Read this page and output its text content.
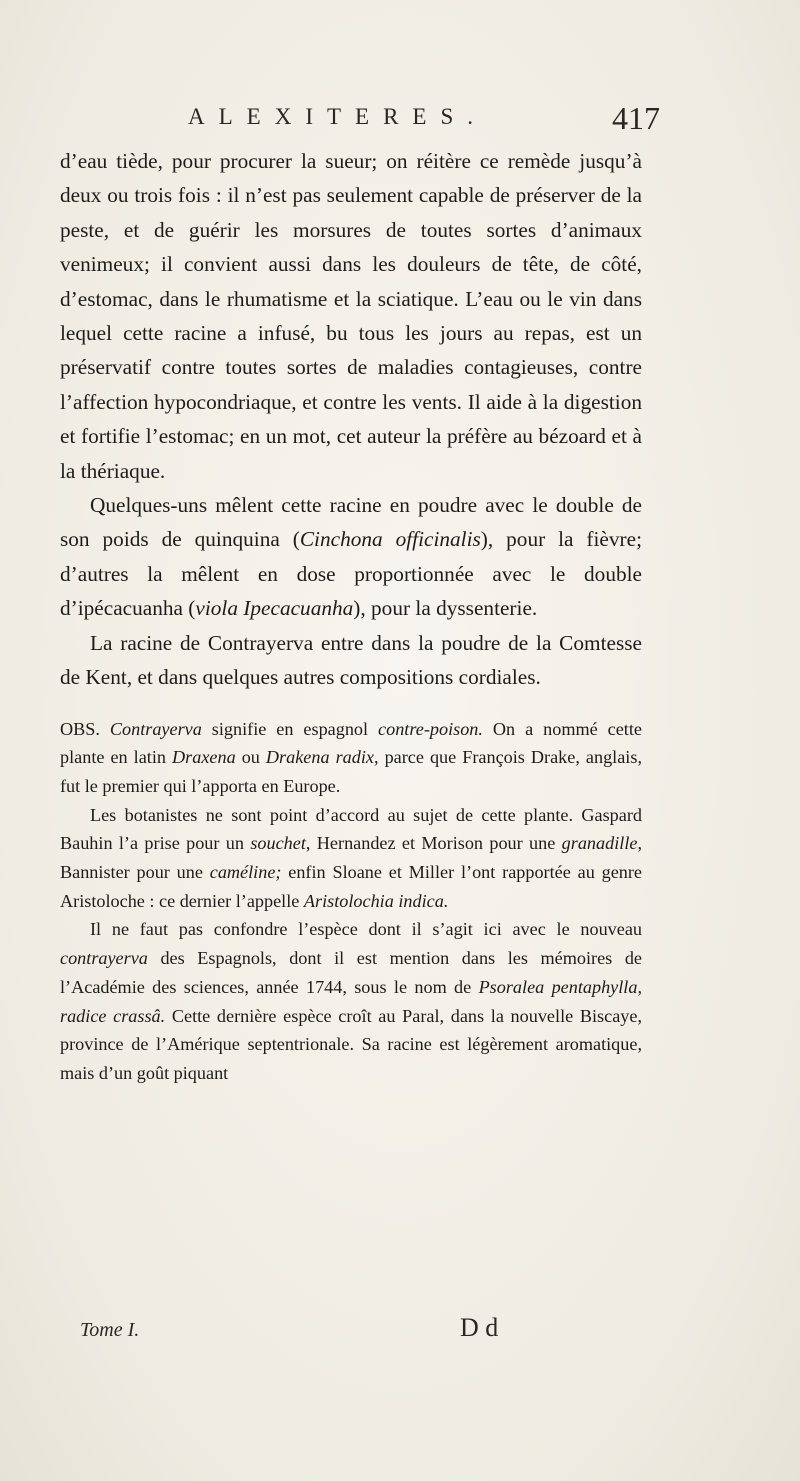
ALEXITERES.	417

d’eau tiède, pour procurer la sueur; on réitère ce remède jusqu’à deux ou trois fois : il n’est pas seulement capable de préserver de la peste, et de guérir les morsures de toutes sortes d’animaux venimeux; il convient aussi dans les douleurs de tête, de côté, d’estomac, dans le rhumatisme et la sciatique. L’eau ou le vin dans lequel cette racine a infusé, bu tous les jours au repas, est un préservatif contre toutes sortes de maladies contagieuses, contre l’affection hypocondriaque, et contre les vents. Il aide à la digestion et fortifie l’estomac; en un mot, cet auteur la préfère au bézoard et à la thériaque.

Quelques-uns mêlent cette racine en poudre avec le double de son poids de quinquina (Cinchona officinalis), pour la fièvre; d’autres la mêlent en dose proportionnée avec le double d’ipécacuanha (viola Ipecacuanha), pour la dyssenterie.

La racine de Contrayerva entre dans la poudre de la Comtesse de Kent, et dans quelques autres compositions cordiales.

OBS. Contrayerva signifie en espagnol contre-poison. On a nommé cette plante en latin Draxena ou Drakena radix, parce que François Drake, anglais, fut le premier qui l’apporta en Europe.

Les botanistes ne sont point d’accord au sujet de cette plante. Gaspard Bauhin l’a prise pour un souchet, Hernandez et Morison pour une granadille, Bannister pour une caméline; enfin Sloane et Miller l’ont rapportée au genre Aristoloche : ce dernier l’appelle Aristolochia indica.

Il ne faut pas confondre l’espèce dont il s’agit ici avec le nouveau contrayerva des Espagnols, dont il est mention dans les mémoires de l’Académie des sciences, année 1744, sous le nom de Psoralea pentaphylla, radice crassâ. Cette dernière espèce croît au Paral, dans la nouvelle Biscaye, province de l’Amérique septentrionale. Sa racine est légèrement aromatique, mais d’un goût piquant

Tome I.	D d
